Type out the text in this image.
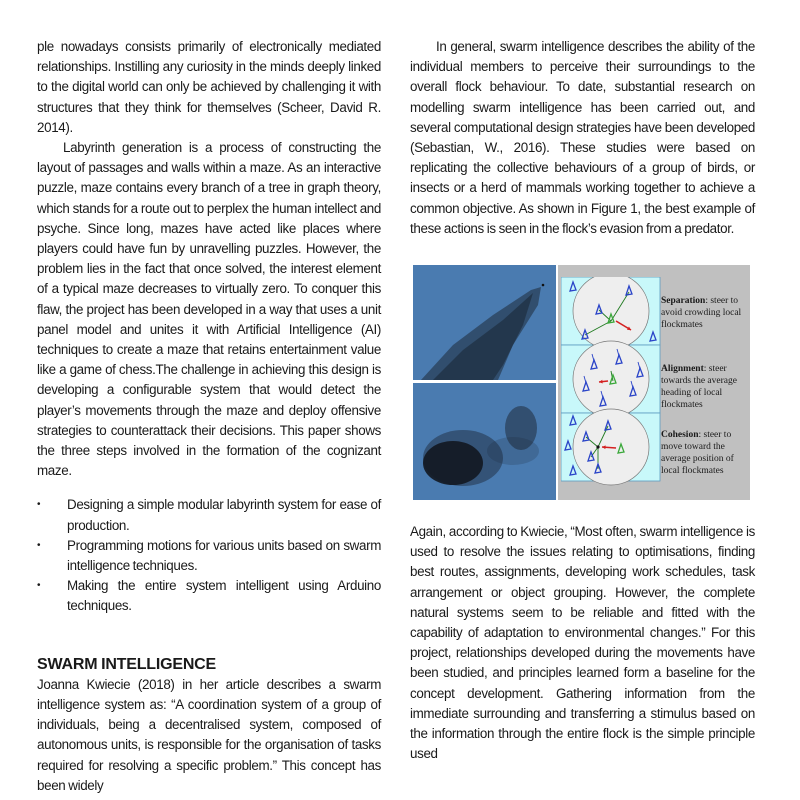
ple nowadays consists primarily of electronically mediated relationships. Instilling any curiosity in the minds deeply linked to the digital world can only be achieved by challenging it with structures that they think for themselves (Scheer, David R. 2014).

Labyrinth generation is a process of constructing the layout of passages and walls within a maze. As an interactive puzzle, maze contains every branch of a tree in graph theory, which stands for a route out to perplex the human intellect and psyche. Since long, mazes have acted like places where players could have fun by unravelling puzzles. However, the problem lies in the fact that once solved, the interest element of a typical maze decreases to virtually zero. To conquer this flaw, the project has been developed in a way that uses a unit panel model and unites it with Artificial Intelligence (AI) techniques to create a maze that retains entertainment value like a game of chess.The challenge in achieving this design is developing a configurable system that would detect the player’s movements through the maze and deploy offensive strategies to counterattack their decisions. This paper shows the three steps involved in the formation of the cognizant maze.

•	Designing a simple modular labyrinth system for ease of production.
•	Programming motions for various units based on swarm intelligence techniques.
•	Making the entire system intelligent using Arduino techniques.
SWARM INTELLIGENCE

Joanna Kwiecie (2018) in her article describes a swarm intelligence system as: “A coordination system of a group of individuals, being a decentralised system, composed of autonomous units, is responsible for the organisation of tasks required for resolving a specific problem.” This concept has been widely

In general, swarm intelligence describes the ability of the individual members to perceive their surroundings to the overall flock behaviour. To date, substantial research on modelling swarm intelligence has been carried out, and several computational design strategies have been developed (Sebastian, W., 2016). These studies were based on replicating the collective behaviours of a group of birds, or insects or a herd of mammals working together to achieve a common objective. As shown in Figure 1, the best example of these actions is seen in the flock’s evasion from a predator.

Separation: steer to avoid crowding local flockmates
Alignment: steer towards the average heading of local flockmates
Cohesion: steer to move toward the average position of local flockmates

Again, according to Kwiecie, “Most often, swarm intelligence is used to resolve the issues relating to optimisations, finding best routes, assignments, developing work schedules, task arrangement or object grouping. However, the complete natural systems seem to be reliable and fitted with the capability of adaptation to environmental changes.” For this project, relationships developed during the movements have been studied, and principles learned form a baseline for the concept development. Gathering information from the immediate surrounding and transferring a stimulus based on the information through the entire flock is the simple principle used
